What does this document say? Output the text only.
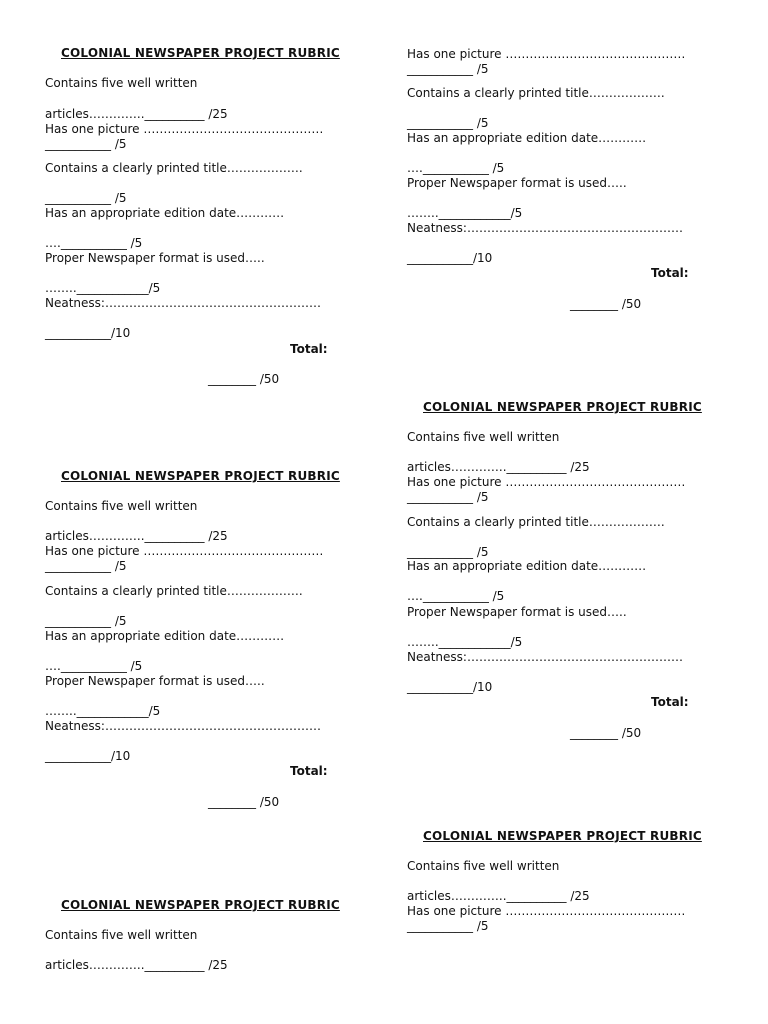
COLONIAL NEWSPAPER PROJECT RUBRIC
Contains five well written
articles…………..__________ /25
Has one picture ………………………………………
___________ /5
Contains a clearly printed title……………….
___________ /5
Has an appropriate edition date…………
….___________ /5
Proper Newspaper format is used…..
……..____________/5
Neatness:………………………………………………
___________/10
Total:
________ /50
COLONIAL NEWSPAPER PROJECT RUBRIC
Contains five well written
articles…………..__________ /25
Has one picture ………………………………………
___________ /5
Contains a clearly printed title……………….
___________ /5
Has an appropriate edition date…………
….___________ /5
Proper Newspaper format is used…..
……..____________/5
Neatness:………………………………………………
___________/10
Total:
________ /50
COLONIAL NEWSPAPER PROJECT RUBRIC
Contains five well written
articles…………..__________ /25
Has one picture ………………………………………
___________ /5
Contains a clearly printed title……………….
___________ /5
Has an appropriate edition date…………
….___________ /5
Proper Newspaper format is used…..
……..____________/5
Neatness:………………………………………………
___________/10
Total:
________ /50
COLONIAL NEWSPAPER PROJECT RUBRIC
Contains five well written
articles…………..__________ /25
Has one picture ………………………………………
___________ /5
Contains a clearly printed title……………….
___________ /5
Has an appropriate edition date…………
….___________ /5
Proper Newspaper format is used…..
……..____________/5
Neatness:………………………………………………
___________/10
Total:
________ /50
COLONIAL NEWSPAPER PROJECT RUBRIC
Contains five well written
articles…………..__________ /25
Has one picture ………………………………………
___________ /5
